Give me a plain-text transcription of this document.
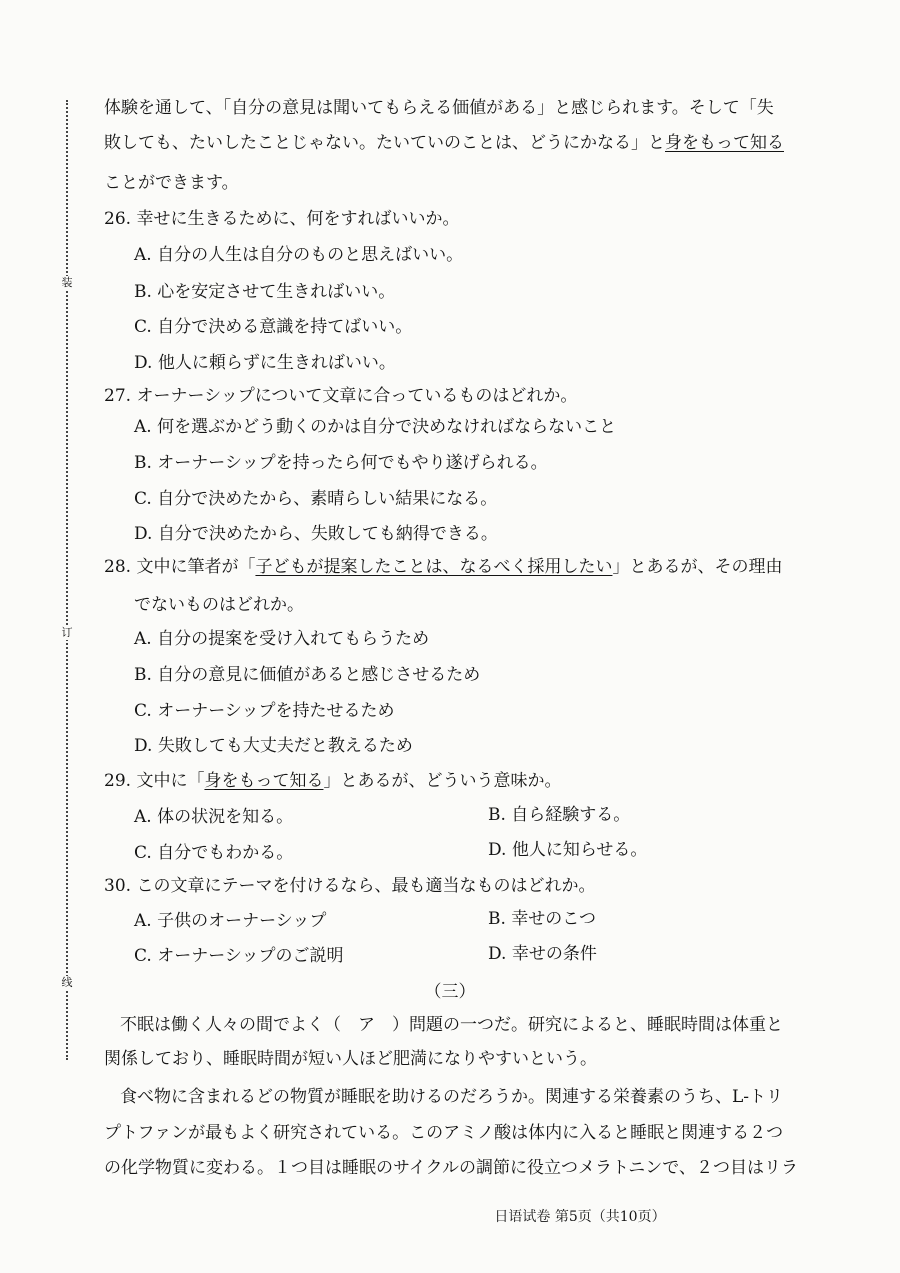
装
订
线
体験を通して、「自分の意見は聞いてもらえる価値がある」と感じられます。そして「失
敗しても、たいしたことじゃない。たいていのことは、どうにかなる」と身をもって知る
ことができます。
26. 幸せに生きるために、何をすればいいか。
A. 自分の人生は自分のものと思えばいい。
B. 心を安定させて生きればいい。
C. 自分で決める意識を持てばいい。
D. 他人に頼らずに生きればいい。
27. オーナーシップについて文章に合っているものはどれか。
A. 何を選ぶかどう動くのかは自分で決めなければならないこと
B. オーナーシップを持ったら何でもやり遂げられる。
C. 自分で決めたから、素晴らしい結果になる。
D. 自分で決めたから、失敗しても納得できる。
28. 文中に筆者が「子どもが提案したことは、なるべく採用したい」とあるが、その理由
でないものはどれか。
A. 自分の提案を受け入れてもらうため
B. 自分の意見に価値があると感じさせるため
C. オーナーシップを持たせるため
D. 失敗しても大丈夫だと教えるため
29. 文中に「身をもって知る」とあるが、どういう意味か。
A. 体の状況を知る。	B. 自ら経験する。
C. 自分でもわかる。	D. 他人に知らせる。
30. この文章にテーマを付けるなら、最も適当なものはどれか。
A. 子供のオーナーシップ	B. 幸せのこつ
C. オーナーシップのご説明	D. 幸せの条件
（三）
不眠は働く人々の間でよく（　ア　）問題の一つだ。研究によると、睡眠時間は体重と
関係しており、睡眠時間が短い人ほど肥満になりやすいという。
食べ物に含まれるどの物質が睡眠を助けるのだろうか。関連する栄養素のうち、L-トリ
プトファンが最もよく研究されている。このアミノ酸は体内に入ると睡眠と関連する２つ
の化学物質に変わる。１つ目は睡眠のサイクルの調節に役立つメラトニンで、２つ目はリラ
日语试卷 第5页（共10页）
